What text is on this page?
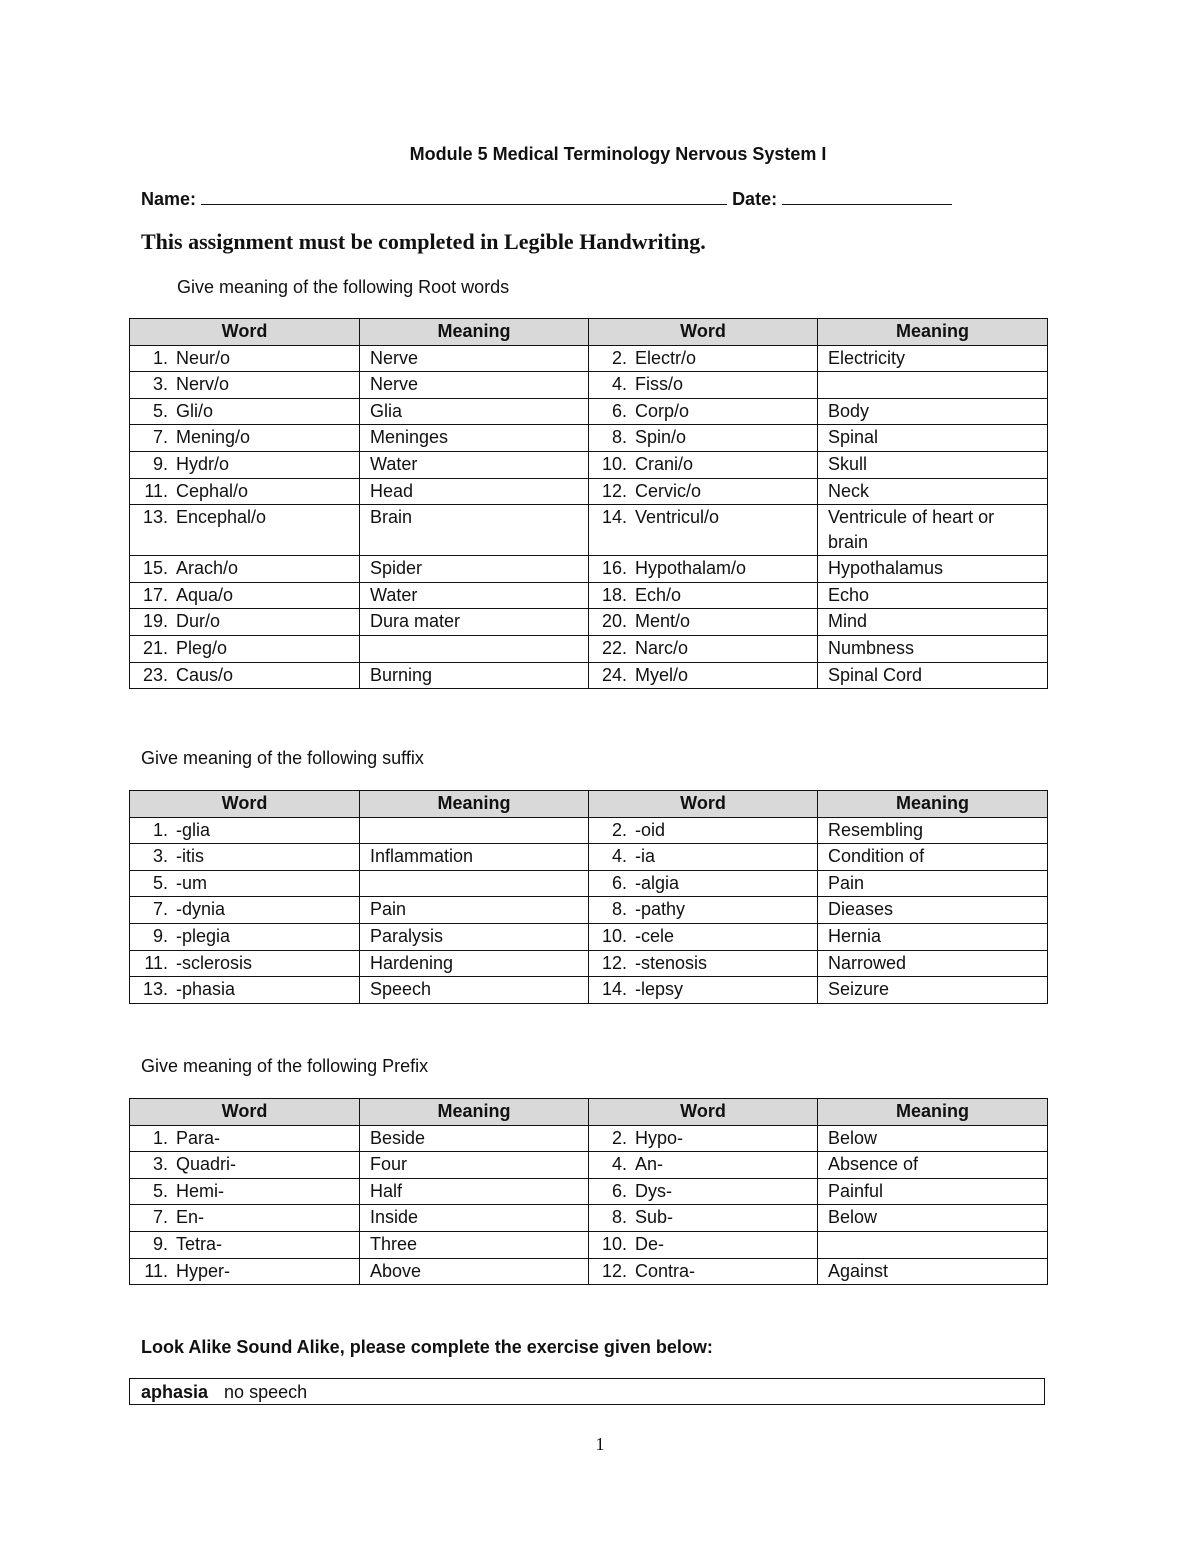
Module 5 Medical Terminology Nervous System I
Name:	Date:
This assignment must be completed in Legible Handwriting.
Give meaning of the following Root words
Word	Meaning	Word	Meaning
1. Neur/o	Nerve	2. Electr/o	Electricity
3. Nerv/o	Nerve	4. Fiss/o	
5. Gli/o	Glia	6. Corp/o	Body
7. Mening/o	Meninges	8. Spin/o	Spinal
9. Hydr/o	Water	10. Crani/o	Skull
11. Cephal/o	Head	12. Cervic/o	Neck
13. Encephal/o	Brain	14. Ventricul/o	Ventricule of heart or brain
15. Arach/o	Spider	16. Hypothalam/o	Hypothalamus
17. Aqua/o	Water	18. Ech/o	Echo
19. Dur/o	Dura mater	20. Ment/o	Mind
21. Pleg/o		22. Narc/o	Numbness
23. Caus/o	Burning	24. Myel/o	Spinal Cord
Give meaning of the following suffix
Word	Meaning	Word	Meaning
1. -glia		2. -oid	Resembling
3. -itis	Inflammation	4. -ia	Condition of
5. -um		6. -algia	Pain
7. -dynia	Pain	8. -pathy	Dieases
9. -plegia	Paralysis	10. -cele	Hernia
11. -sclerosis	Hardening	12. -stenosis	Narrowed
13. -phasia	Speech	14. -lepsy	Seizure
Give meaning of the following Prefix
Word	Meaning	Word	Meaning
1. Para-	Beside	2. Hypo-	Below
3. Quadri-	Four	4. An-	Absence of
5. Hemi-	Half	6. Dys-	Painful
7. En-	Inside	8. Sub-	Below
9. Tetra-	Three	10. De-	
11. Hyper-	Above	12. Contra-	Against
Look Alike Sound Alike, please complete the exercise given below:
aphasia no speech
1
